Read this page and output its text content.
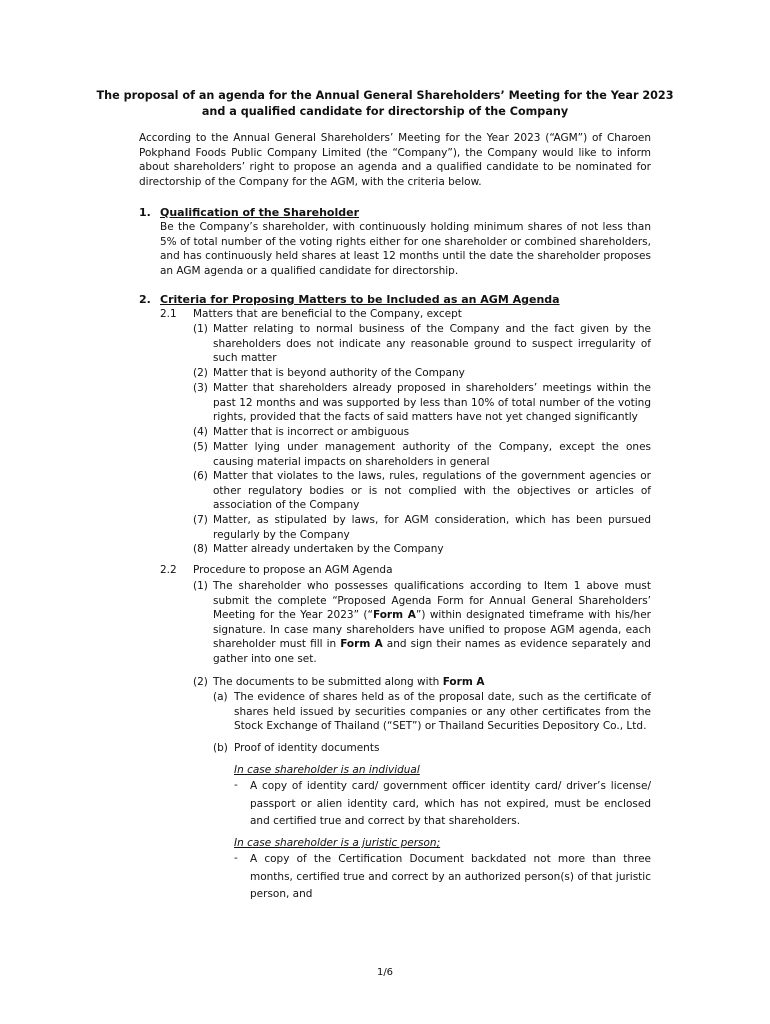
The proposal of an agenda for the Annual General Shareholders’ Meeting for the Year 2023
and a qualified candidate for directorship of the Company
According to the Annual General Shareholders’ Meeting for the Year 2023 (“AGM”) of Charoen Pokphand Foods Public Company Limited (the “Company”), the Company would like to inform about shareholders’ right to propose an agenda and a qualified candidate to be nominated for directorship of the Company for the AGM, with the criteria below.
1. Qualification of the Shareholder
Be the Company’s shareholder, with continuously holding minimum shares of not less than 5% of total number of the voting rights either for one shareholder or combined shareholders, and has continuously held shares at least 12 months until the date the shareholder proposes an AGM agenda or a qualified candidate for directorship.
2. Criteria for Proposing Matters to be Included as an AGM Agenda
2.1 Matters that are beneficial to the Company, except
(1) Matter relating to normal business of the Company and the fact given by the shareholders does not indicate any reasonable ground to suspect irregularity of such matter
(2) Matter that is beyond authority of the Company
(3) Matter that shareholders already proposed in shareholders’ meetings within the past 12 months and was supported by less than 10% of total number of the voting rights, provided that the facts of said matters have not yet changed significantly
(4) Matter that is incorrect or ambiguous
(5) Matter lying under management authority of the Company, except the ones causing material impacts on shareholders in general
(6) Matter that violates to the laws, rules, regulations of the government agencies or other regulatory bodies or is not complied with the objectives or articles of association of the Company
(7) Matter, as stipulated by laws, for AGM consideration, which has been pursued regularly by the Company
(8) Matter already undertaken by the Company
2.2 Procedure to propose an AGM Agenda
(1) The shareholder who possesses qualifications according to Item 1 above must submit the complete “Proposed Agenda Form for Annual General Shareholders’ Meeting for the Year 2023” (“Form A”) within designated timeframe with his/her signature. In case many shareholders have unified to propose AGM agenda, each shareholder must fill in Form A and sign their names as evidence separately and gather into one set.
(2) The documents to be submitted along with Form A
(a) The evidence of shares held as of the proposal date, such as the certificate of shares held issued by securities companies or any other certificates from the Stock Exchange of Thailand (“SET”) or Thailand Securities Depository Co., Ltd.
(b) Proof of identity documents
In case shareholder is an individual
- A copy of identity card/ government officer identity card/ driver’s license/ passport or alien identity card, which has not expired, must be enclosed and certified true and correct by that shareholders.
In case shareholder is a juristic person;
- A copy of the Certification Document backdated not more than three months, certified true and correct by an authorized person(s) of that juristic person, and
1/6
